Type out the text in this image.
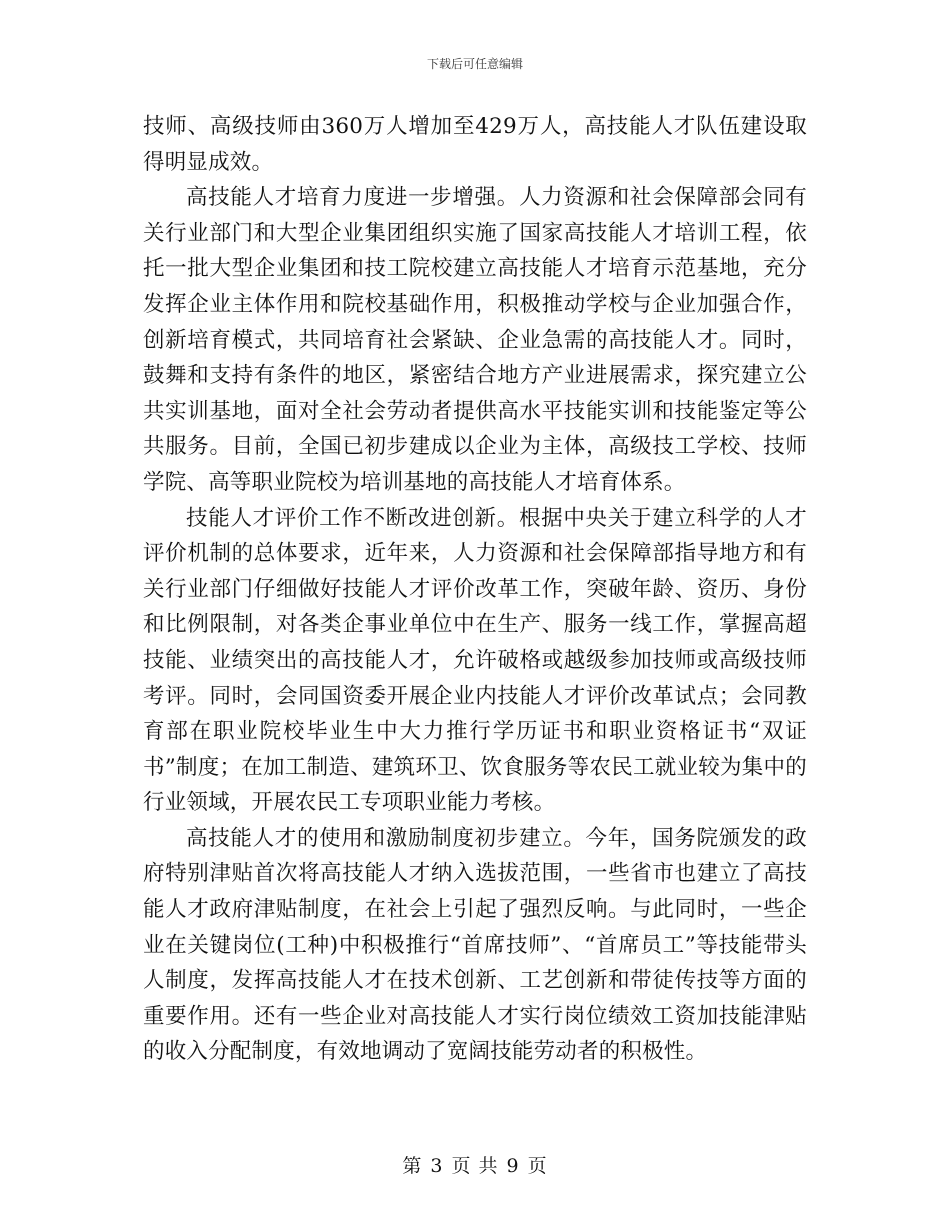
下载后可任意编辑

技师、高级技师由360万人增加至429万人，高技能人才队伍建设取得明显成效。

高技能人才培育力度进一步增强。人力资源和社会保障部会同有关行业部门和大型企业集团组织实施了国家高技能人才培训工程，依托一批大型企业集团和技工院校建立高技能人才培育示范基地，充分发挥企业主体作用和院校基础作用，积极推动学校与企业加强合作，创新培育模式，共同培育社会紧缺、企业急需的高技能人才。同时，鼓舞和支持有条件的地区，紧密结合地方产业进展需求，探究建立公共实训基地，面对全社会劳动者提供高水平技能实训和技能鉴定等公共服务。目前，全国已初步建成以企业为主体，高级技工学校、技师学院、高等职业院校为培训基地的高技能人才培育体系。

技能人才评价工作不断改进创新。根据中央关于建立科学的人才评价机制的总体要求，近年来，人力资源和社会保障部指导地方和有关行业部门仔细做好技能人才评价改革工作，突破年龄、资历、身份和比例限制，对各类企事业单位中在生产、服务一线工作，掌握高超技能、业绩突出的高技能人才，允许破格或越级参加技师或高级技师考评。同时，会同国资委开展企业内技能人才评价改革试点；会同教育部在职业院校毕业生中大力推行学历证书和职业资格证书“双证书”制度；在加工制造、建筑环卫、饮食服务等农民工就业较为集中的行业领域，开展农民工专项职业能力考核。

高技能人才的使用和激励制度初步建立。今年，国务院颁发的政府特别津贴首次将高技能人才纳入选拔范围，一些省市也建立了高技能人才政府津贴制度，在社会上引起了强烈反响。与此同时，一些企业在关键岗位(工种)中积极推行“首席技师”、“首席员工”等技能带头人制度，发挥高技能人才在技术创新、工艺创新和带徒传技等方面的重要作用。还有一些企业对高技能人才实行岗位绩效工资加技能津贴的收入分配制度，有效地调动了宽阔技能劳动者的积极性。

第 3 页 共 9 页
